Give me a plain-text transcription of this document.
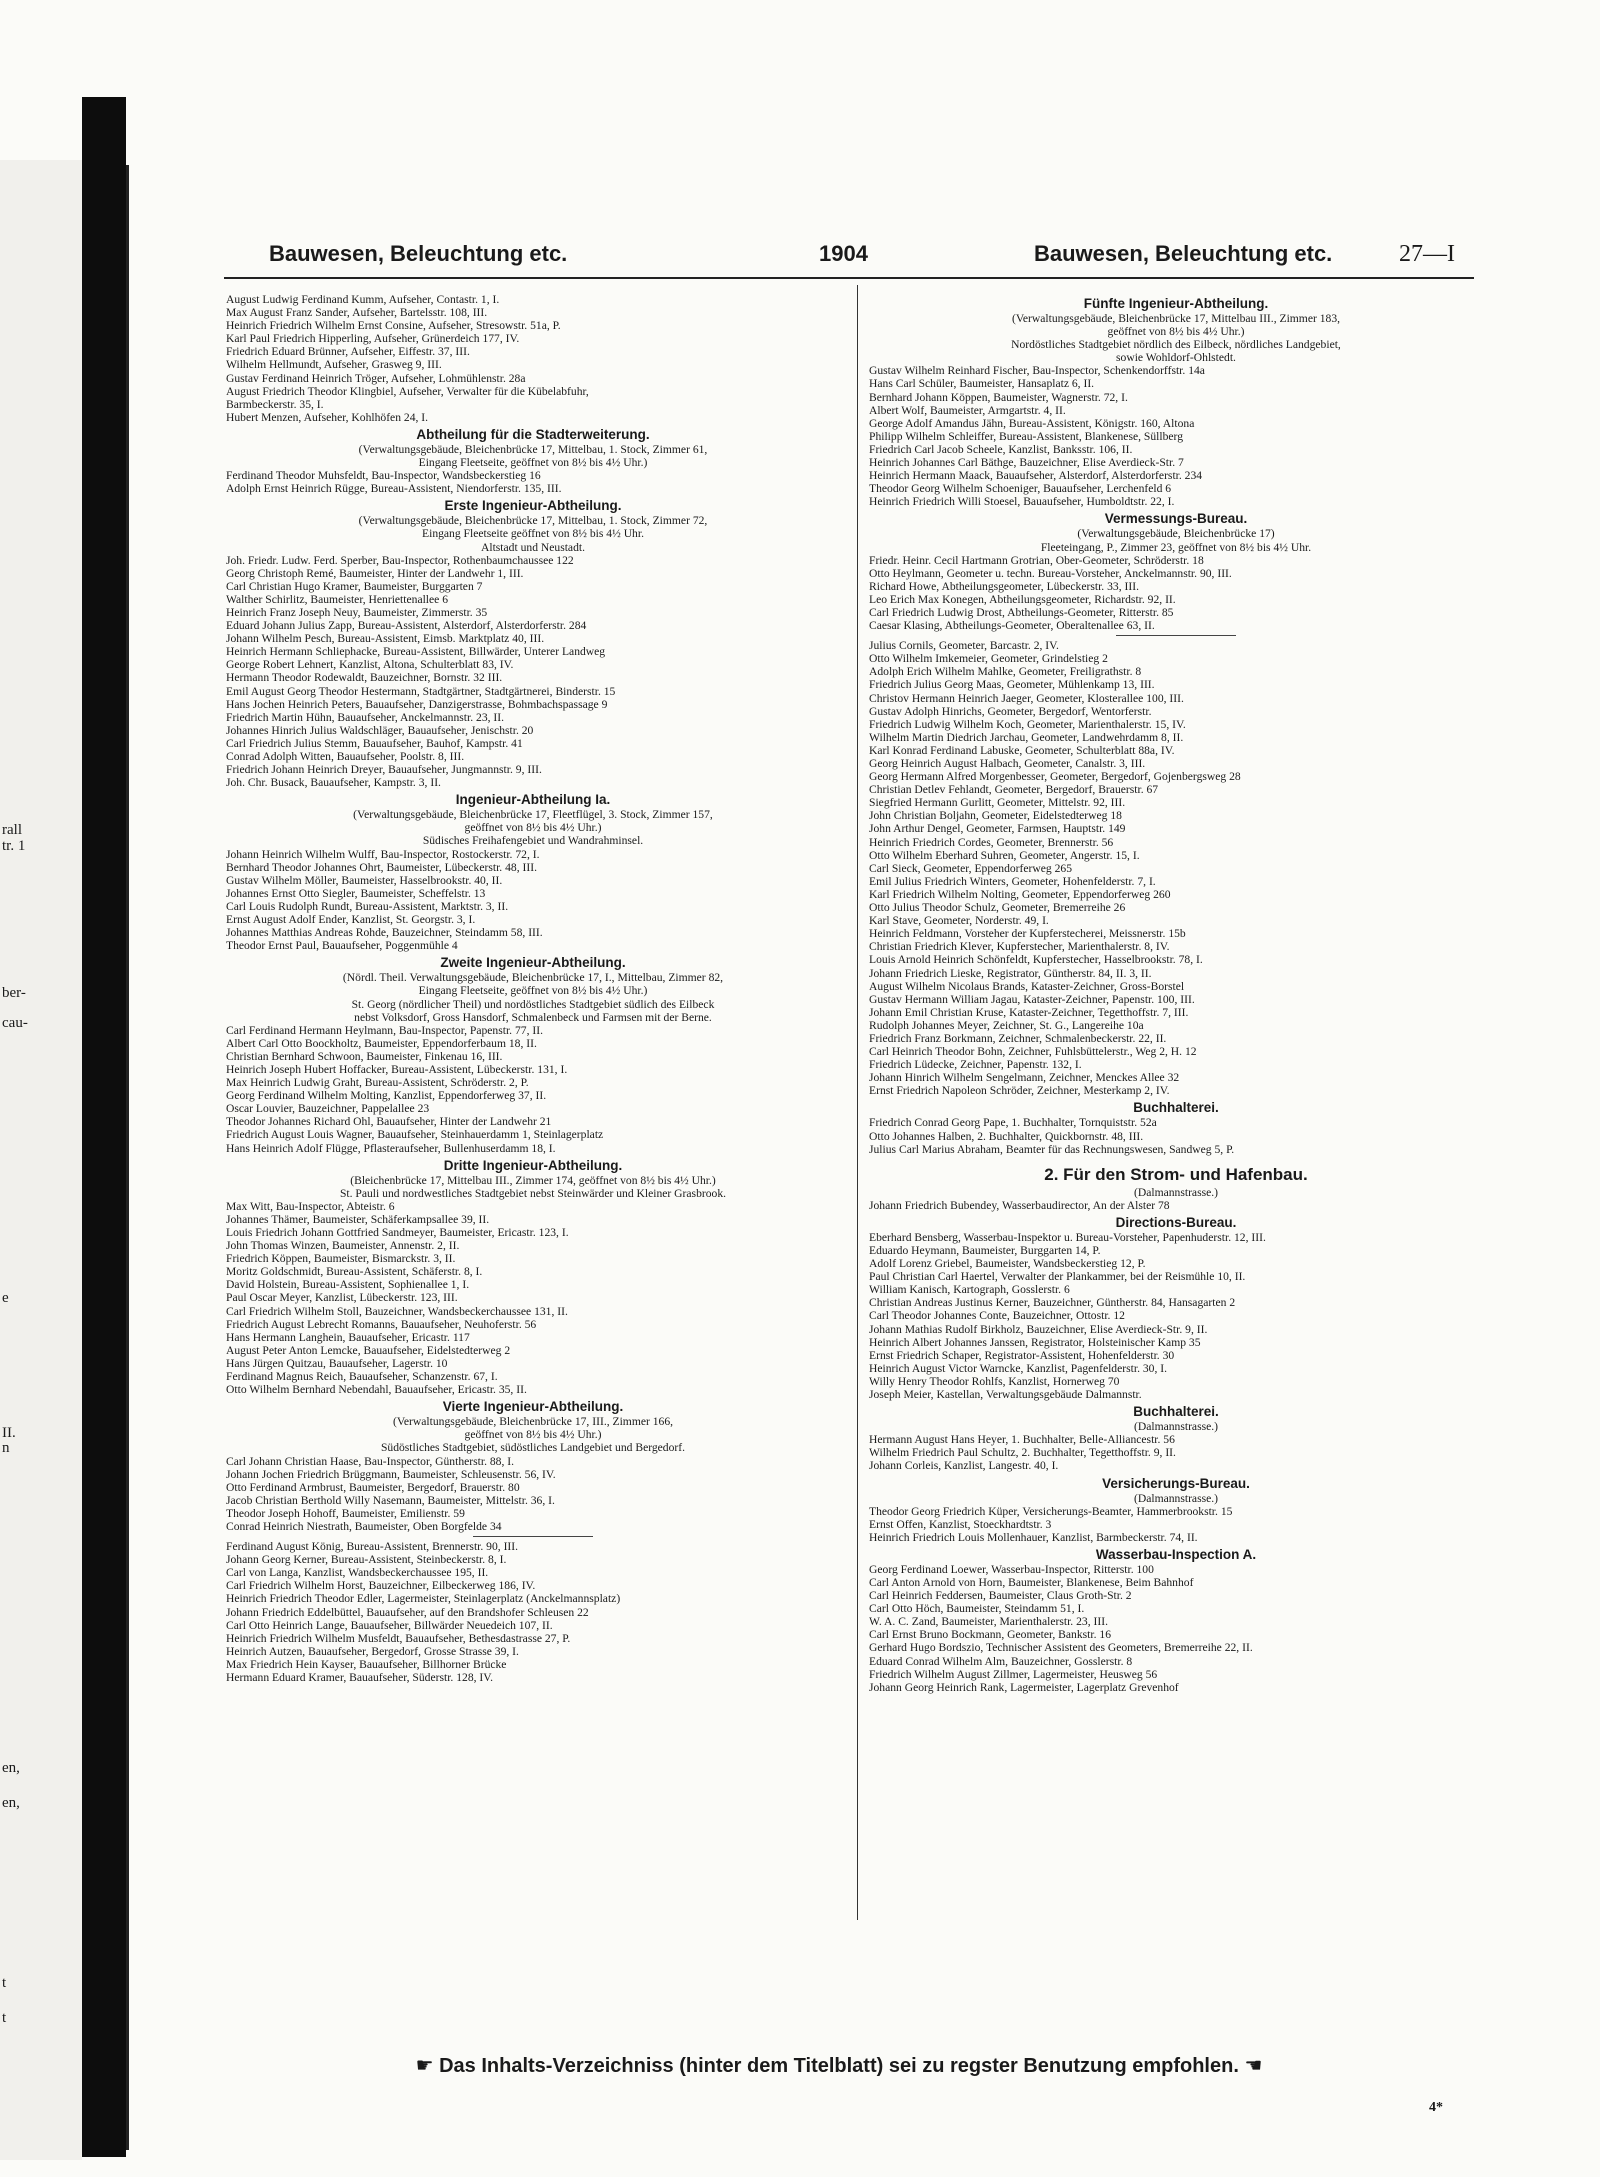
rall
tr. 1
ber-
cau-
e
II.
n
en,
en,
t
t
Bauwesen, Beleuchtung etc.	1904	Bauwesen, Beleuchtung etc.	27—I
August Ludwig Ferdinand Kumm, Aufseher, Contastr. 1, I.
Max August Franz Sander, Aufseher, Bartelsstr. 108, III.
Heinrich Friedrich Wilhelm Ernst Consine, Aufseher, Stresowstr. 51a, P.
Karl Paul Friedrich Hipperling, Aufseher, Grünerdeich 177, IV.
Friedrich Eduard Brünner, Aufseher, Eiffestr. 37, III.
Wilhelm Hellmundt, Aufseher, Grasweg 9, III.
Gustav Ferdinand Heinrich Tröger, Aufseher, Lohmühlenstr. 28a
August Friedrich Theodor Klingbiel, Aufseher, Verwalter für die Kübelabfuhr,
Barmbeckerstr. 35, I.
Hubert Menzen, Aufseher, Kohlhöfen 24, I.
Abtheilung für die Stadterweiterung.
(Verwaltungsgebäude, Bleichenbrücke 17, Mittelbau, 1. Stock, Zimmer 61,
Eingang Fleetseite, geöffnet von 8½ bis 4½ Uhr.)
Ferdinand Theodor Muhsfeldt, Bau-Inspector, Wandsbeckerstieg 16
Adolph Ernst Heinrich Rügge, Bureau-Assistent, Niendorferstr. 135, III.
Erste Ingenieur-Abtheilung.
(Verwaltungsgebäude, Bleichenbrücke 17, Mittelbau, 1. Stock, Zimmer 72,
Eingang Fleetseite geöffnet von 8½ bis 4½ Uhr.
Altstadt und Neustadt.
Joh. Friedr. Ludw. Ferd. Sperber, Bau-Inspector, Rothenbaumchaussee 122
Georg Christoph Remé, Baumeister, Hinter der Landwehr 1, III.
Carl Christian Hugo Kramer, Baumeister, Burggarten 7
Walther Schirlitz, Baumeister, Henriettenallee 6
Heinrich Franz Joseph Neuy, Baumeister, Zimmerstr. 35
Eduard Johann Julius Zapp, Bureau-Assistent, Alsterdorf, Alsterdorferstr. 284
Johann Wilhelm Pesch, Bureau-Assistent, Eimsb. Marktplatz 40, III.
Heinrich Hermann Schliephacke, Bureau-Assistent, Billwärder, Unterer Landweg
George Robert Lehnert, Kanzlist, Altona, Schulterblatt 83, IV.
Hermann Theodor Rodewaldt, Bauzeichner, Bornstr. 32 III.
Emil August Georg Theodor Hestermann, Stadtgärtner, Stadtgärtnerei, Binderstr. 15
Hans Jochen Heinrich Peters, Bauaufseher, Danzigerstrasse, Bohmbachspassage 9
Friedrich Martin Hühn, Bauaufseher, Anckelmannstr. 23, II.
Johannes Hinrich Julius Waldschläger, Bauaufseher, Jenischstr. 20
Carl Friedrich Julius Stemm, Bauaufseher, Bauhof, Kampstr. 41
Conrad Adolph Witten, Bauaufseher, Poolstr. 8, III.
Friedrich Johann Heinrich Dreyer, Bauaufseher, Jungmannstr. 9, III.
Joh. Chr. Busack, Bauaufseher, Kampstr. 3, II.
Ingenieur-Abtheilung Ia.
(Verwaltungsgebäude, Bleichenbrücke 17, Fleetflügel, 3. Stock, Zimmer 157,
geöffnet von 8½ bis 4½ Uhr.)
Südisches Freihafengebiet und Wandrahminsel.
Johann Heinrich Wilhelm Wulff, Bau-Inspector, Rostockerstr. 72, I.
Bernhard Theodor Johannes Ohrt, Baumeister, Lübeckerstr. 48, III.
Gustav Wilhelm Möller, Baumeister, Hasselbrookstr. 40, II.
Johannes Ernst Otto Siegler, Baumeister, Scheffelstr. 13
Carl Louis Rudolph Rundt, Bureau-Assistent, Marktstr. 3, II.
Ernst August Adolf Ender, Kanzlist, St. Georgstr. 3, I.
Johannes Matthias Andreas Rohde, Bauzeichner, Steindamm 58, III.
Theodor Ernst Paul, Bauaufseher, Poggenmühle 4
Zweite Ingenieur-Abtheilung.
(Nördl. Theil. Verwaltungsgebäude, Bleichenbrücke 17, I., Mittelbau, Zimmer 82,
Eingang Fleetseite, geöffnet von 8½ bis 4½ Uhr.)
St. Georg (nördlicher Theil) und nordöstliches Stadtgebiet südlich des Eilbeck
nebst Volksdorf, Gross Hansdorf, Schmalenbeck und Farmsen mit der Berne.
Carl Ferdinand Hermann Heylmann, Bau-Inspector, Papenstr. 77, II.
Albert Carl Otto Boockholtz, Baumeister, Eppendorferbaum 18, II.
Christian Bernhard Schwoon, Baumeister, Finkenau 16, III.
Heinrich Joseph Hubert Hoffacker, Bureau-Assistent, Lübeckerstr. 131, I.
Max Heinrich Ludwig Graht, Bureau-Assistent, Schröderstr. 2, P.
Georg Ferdinand Wilhelm Molting, Kanzlist, Eppendorferweg 37, II.
Oscar Louvier, Bauzeichner, Pappelallee 23
Theodor Johannes Richard Ohl, Bauaufseher, Hinter der Landwehr 21
Friedrich August Louis Wagner, Bauaufseher, Steinhauerdamm 1, Steinlagerplatz
Hans Heinrich Adolf Flügge, Pflasteraufseher, Bullenhuserdamm 18, I.
Dritte Ingenieur-Abtheilung.
(Bleichenbrücke 17, Mittelbau III., Zimmer 174, geöffnet von 8½ bis 4½ Uhr.)
St. Pauli und nordwestliches Stadtgebiet nebst Steinwärder und Kleiner Grasbrook.
Max Witt, Bau-Inspector, Abteistr. 6
Johannes Thämer, Baumeister, Schäferkampsallee 39, II.
Louis Friedrich Johann Gottfried Sandmeyer, Baumeister, Ericastr. 123, I.
John Thomas Winzen, Baumeister, Annenstr. 2, II.
Friedrich Köppen, Baumeister, Bismarckstr. 3, II.
Moritz Goldschmidt, Bureau-Assistent, Schäferstr. 8, I.
David Holstein, Bureau-Assistent, Sophienallee 1, I.
Paul Oscar Meyer, Kanzlist, Lübeckerstr. 123, III.
Carl Friedrich Wilhelm Stoll, Bauzeichner, Wandsbeckerchaussee 131, II.
Friedrich August Lebrecht Romanns, Bauaufseher, Neuhoferstr. 56
Hans Hermann Langhein, Bauaufseher, Ericastr. 117
August Peter Anton Lemcke, Bauaufseher, Eidelstedterweg 2
Hans Jürgen Quitzau, Bauaufseher, Lagerstr. 10
Ferdinand Magnus Reich, Bauaufseher, Schanzenstr. 67, I.
Otto Wilhelm Bernhard Nebendahl, Bauaufseher, Ericastr. 35, II.
Vierte Ingenieur-Abtheilung.
(Verwaltungsgebäude, Bleichenbrücke 17, III., Zimmer 166,
geöffnet von 8½ bis 4½ Uhr.)
Südöstliches Stadtgebiet, südöstliches Landgebiet und Bergedorf.
Carl Johann Christian Haase, Bau-Inspector, Güntherstr. 88, I.
Johann Jochen Friedrich Brüggmann, Baumeister, Schleusenstr. 56, IV.
Otto Ferdinand Armbrust, Baumeister, Bergedorf, Brauerstr. 80
Jacob Christian Berthold Willy Nasemann, Baumeister, Mittelstr. 36, I.
Theodor Joseph Hohoff, Baumeister, Emilienstr. 59
Conrad Heinrich Niestrath, Baumeister, Oben Borgfelde 34
Ferdinand August König, Bureau-Assistent, Brennerstr. 90, III.
Johann Georg Kerner, Bureau-Assistent, Steinbeckerstr. 8, I.
Carl von Langa, Kanzlist, Wandsbeckerchaussee 195, II.
Carl Friedrich Wilhelm Horst, Bauzeichner, Eilbeckerweg 186, IV.
Heinrich Friedrich Theodor Edler, Lagermeister, Steinlagerplatz (Anckelmannsplatz)
Johann Friedrich Eddelbüttel, Bauaufseher, auf den Brandshofer Schleusen 22
Carl Otto Heinrich Lange, Bauaufseher, Billwärder Neuedeich 107, II.
Heinrich Friedrich Wilhelm Musfeldt, Bauaufseher, Bethesdastrasse 27, P.
Heinrich Autzen, Bauaufseher, Bergedorf, Grosse Strasse 39, I.
Max Friedrich Hein Kayser, Bauaufseher, Billhorner Brücke
Hermann Eduard Kramer, Bauaufseher, Süderstr. 128, IV.
Fünfte Ingenieur-Abtheilung.
(Verwaltungsgebäude, Bleichenbrücke 17, Mittelbau III., Zimmer 183,
geöffnet von 8½ bis 4½ Uhr.)
Nordöstliches Stadtgebiet nördlich des Eilbeck, nördliches Landgebiet,
sowie Wohldorf-Ohlstedt.
Gustav Wilhelm Reinhard Fischer, Bau-Inspector, Schenkendorffstr. 14a
Hans Carl Schüler, Baumeister, Hansaplatz 6, II.
Bernhard Johann Köppen, Baumeister, Wagnerstr. 72, I.
Albert Wolf, Baumeister, Armgartstr. 4, II.
George Adolf Amandus Jähn, Bureau-Assistent, Königstr. 160, Altona
Philipp Wilhelm Schleiffer, Bureau-Assistent, Blankenese, Süllberg
Friedrich Carl Jacob Scheele, Kanzlist, Banksstr. 106, II.
Heinrich Johannes Carl Bäthge, Bauzeichner, Elise Averdieck-Str. 7
Heinrich Hermann Maack, Bauaufseher, Alsterdorf, Alsterdorferstr. 234
Theodor Georg Wilhelm Schoeniger, Bauaufseher, Lerchenfeld 6
Heinrich Friedrich Willi Stoesel, Bauaufseher, Humboldtstr. 22, I.
Vermessungs-Bureau.
(Verwaltungsgebäude, Bleichenbrücke 17)
Fleeteingang, P., Zimmer 23, geöffnet von 8½ bis 4½ Uhr.
Friedr. Heinr. Cecil Hartmann Grotrian, Ober-Geometer, Schröderstr. 18
Otto Heylmann, Geometer u. techn. Bureau-Vorsteher, Anckelmannstr. 90, III.
Richard Howe, Abtheilungsgeometer, Lübeckerstr. 33, III.
Leo Erich Max Konegen, Abtheilungsgeometer, Richardstr. 92, II.
Carl Friedrich Ludwig Drost, Abtheilungs-Geometer, Ritterstr. 85
Caesar Klasing, Abtheilungs-Geometer, Oberaltenallee 63, II.
Julius Cornils, Geometer, Barcastr. 2, IV.
Otto Wilhelm Imkemeier, Geometer, Grindelstieg 2
Adolph Erich Wilhelm Mahlke, Geometer, Freiligrathstr. 8
Friedrich Julius Georg Maas, Geometer, Mühlenkamp 13, III.
Christov Hermann Heinrich Jaeger, Geometer, Klosterallee 100, III.
Gustav Adolph Hinrichs, Geometer, Bergedorf, Wentorferstr.
Friedrich Ludwig Wilhelm Koch, Geometer, Marienthalerstr. 15, IV.
Wilhelm Martin Diedrich Jarchau, Geometer, Landwehrdamm 8, II.
Karl Konrad Ferdinand Labuske, Geometer, Schulterblatt 88a, IV.
Georg Heinrich August Halbach, Geometer, Canalstr. 3, III.
Georg Hermann Alfred Morgenbesser, Geometer, Bergedorf, Gojenbergsweg 28
Christian Detlev Fehlandt, Geometer, Bergedorf, Brauerstr. 67
Siegfried Hermann Gurlitt, Geometer, Mittelstr. 92, III.
John Christian Boljahn, Geometer, Eidelstedterweg 18
John Arthur Dengel, Geometer, Farmsen, Hauptstr. 149
Heinrich Friedrich Cordes, Geometer, Brennerstr. 56
Otto Wilhelm Eberhard Suhren, Geometer, Angerstr. 15, I.
Carl Sieck, Geometer, Eppendorferweg 265
Emil Julius Friedrich Winters, Geometer, Hohenfelderstr. 7, I.
Karl Friedrich Wilhelm Nolting, Geometer, Eppendorferweg 260
Otto Julius Theodor Schulz, Geometer, Bremerreihe 26
Karl Stave, Geometer, Norderstr. 49, I.
Heinrich Feldmann, Vorsteher der Kupferstecherei, Meissnerstr. 15b
Christian Friedrich Klever, Kupferstecher, Marienthalerstr. 8, IV.
Louis Arnold Heinrich Schönfeldt, Kupferstecher, Hasselbrookstr. 78, I.
Johann Friedrich Lieske, Registrator, Güntherstr. 84, II. 3, II.
August Wilhelm Nicolaus Brands, Kataster-Zeichner, Gross-Borstel
Gustav Hermann William Jagau, Kataster-Zeichner, Papenstr. 100, III.
Johann Emil Christian Kruse, Kataster-Zeichner, Tegetthoffstr. 7, III.
Rudolph Johannes Meyer, Zeichner, St. G., Langereihe 10a
Friedrich Franz Borkmann, Zeichner, Schmalenbeckerstr. 22, II.
Carl Heinrich Theodor Bohn, Zeichner, Fuhlsbüttelerstr., Weg 2, H. 12
Friedrich Lüdecke, Zeichner, Papenstr. 132, I.
Johann Hinrich Wilhelm Sengelmann, Zeichner, Menckes Allee 32
Ernst Friedrich Napoleon Schröder, Zeichner, Mesterkamp 2, IV.
Buchhalterei.
Friedrich Conrad Georg Pape, 1. Buchhalter, Tornquiststr. 52a
Otto Johannes Halben, 2. Buchhalter, Quickbornstr. 48, III.
Julius Carl Marius Abraham, Beamter für das Rechnungswesen, Sandweg 5, P.
2. Für den Strom- und Hafenbau.
(Dalmannstrasse.)
Johann Friedrich Bubendey, Wasserbaudirector, An der Alster 78
Directions-Bureau.
Eberhard Bensberg, Wasserbau-Inspektor u. Bureau-Vorsteher, Papenhuderstr. 12, III.
Eduardo Heymann, Baumeister, Burggarten 14, P.
Adolf Lorenz Griebel, Baumeister, Wandsbeckerstieg 12, P.
Paul Christian Carl Haertel, Verwalter der Plankammer, bei der Reismühle 10, II.
William Kanisch, Kartograph, Gosslerstr. 6
Christian Andreas Justinus Kerner, Bauzeichner, Güntherstr. 84, Hansagarten 2
Carl Theodor Johannes Conte, Bauzeichner, Ottostr. 12
Johann Mathias Rudolf Birkholz, Bauzeichner, Elise Averdieck-Str. 9, II.
Heinrich Albert Johannes Janssen, Registrator, Holsteinischer Kamp 35
Ernst Friedrich Schaper, Registrator-Assistent, Hohenfelderstr. 30
Heinrich August Victor Warncke, Kanzlist, Pagenfelderstr. 30, I.
Willy Henry Theodor Rohlfs, Kanzlist, Hornerweg 70
Joseph Meier, Kastellan, Verwaltungsgebäude Dalmannstr.
Buchhalterei.
(Dalmannstrasse.)
Hermann August Hans Heyer, 1. Buchhalter, Belle-Alliancestr. 56
Wilhelm Friedrich Paul Schultz, 2. Buchhalter, Tegetthoffstr. 9, II.
Johann Corleis, Kanzlist, Langestr. 40, I.
Versicherungs-Bureau.
(Dalmannstrasse.)
Theodor Georg Friedrich Küper, Versicherungs-Beamter, Hammerbrookstr. 15
Ernst Offen, Kanzlist, Stoeckhardtstr. 3
Heinrich Friedrich Louis Mollenhauer, Kanzlist, Barmbeckerstr. 74, II.
Wasserbau-Inspection A.
Georg Ferdinand Loewer, Wasserbau-Inspector, Ritterstr. 100
Carl Anton Arnold von Horn, Baumeister, Blankenese, Beim Bahnhof
Carl Heinrich Feddersen, Baumeister, Claus Groth-Str. 2
Carl Otto Höch, Baumeister, Steindamm 51, I.
W. A. C. Zand, Baumeister, Marienthalerstr. 23, III.
Carl Ernst Bruno Bockmann, Geometer, Bankstr. 16
Gerhard Hugo Bordszio, Technischer Assistent des Geometers, Bremerreihe 22, II.
Eduard Conrad Wilhelm Alm, Bauzeichner, Gosslerstr. 8
Friedrich Wilhelm August Zillmer, Lagermeister, Heusweg 56
Johann Georg Heinrich Rank, Lagermeister, Lagerplatz Grevenhof
☛ Das Inhalts-Verzeichniss (hinter dem Titelblatt) sei zu regster Benutzung empfohlen. ☚
4*
